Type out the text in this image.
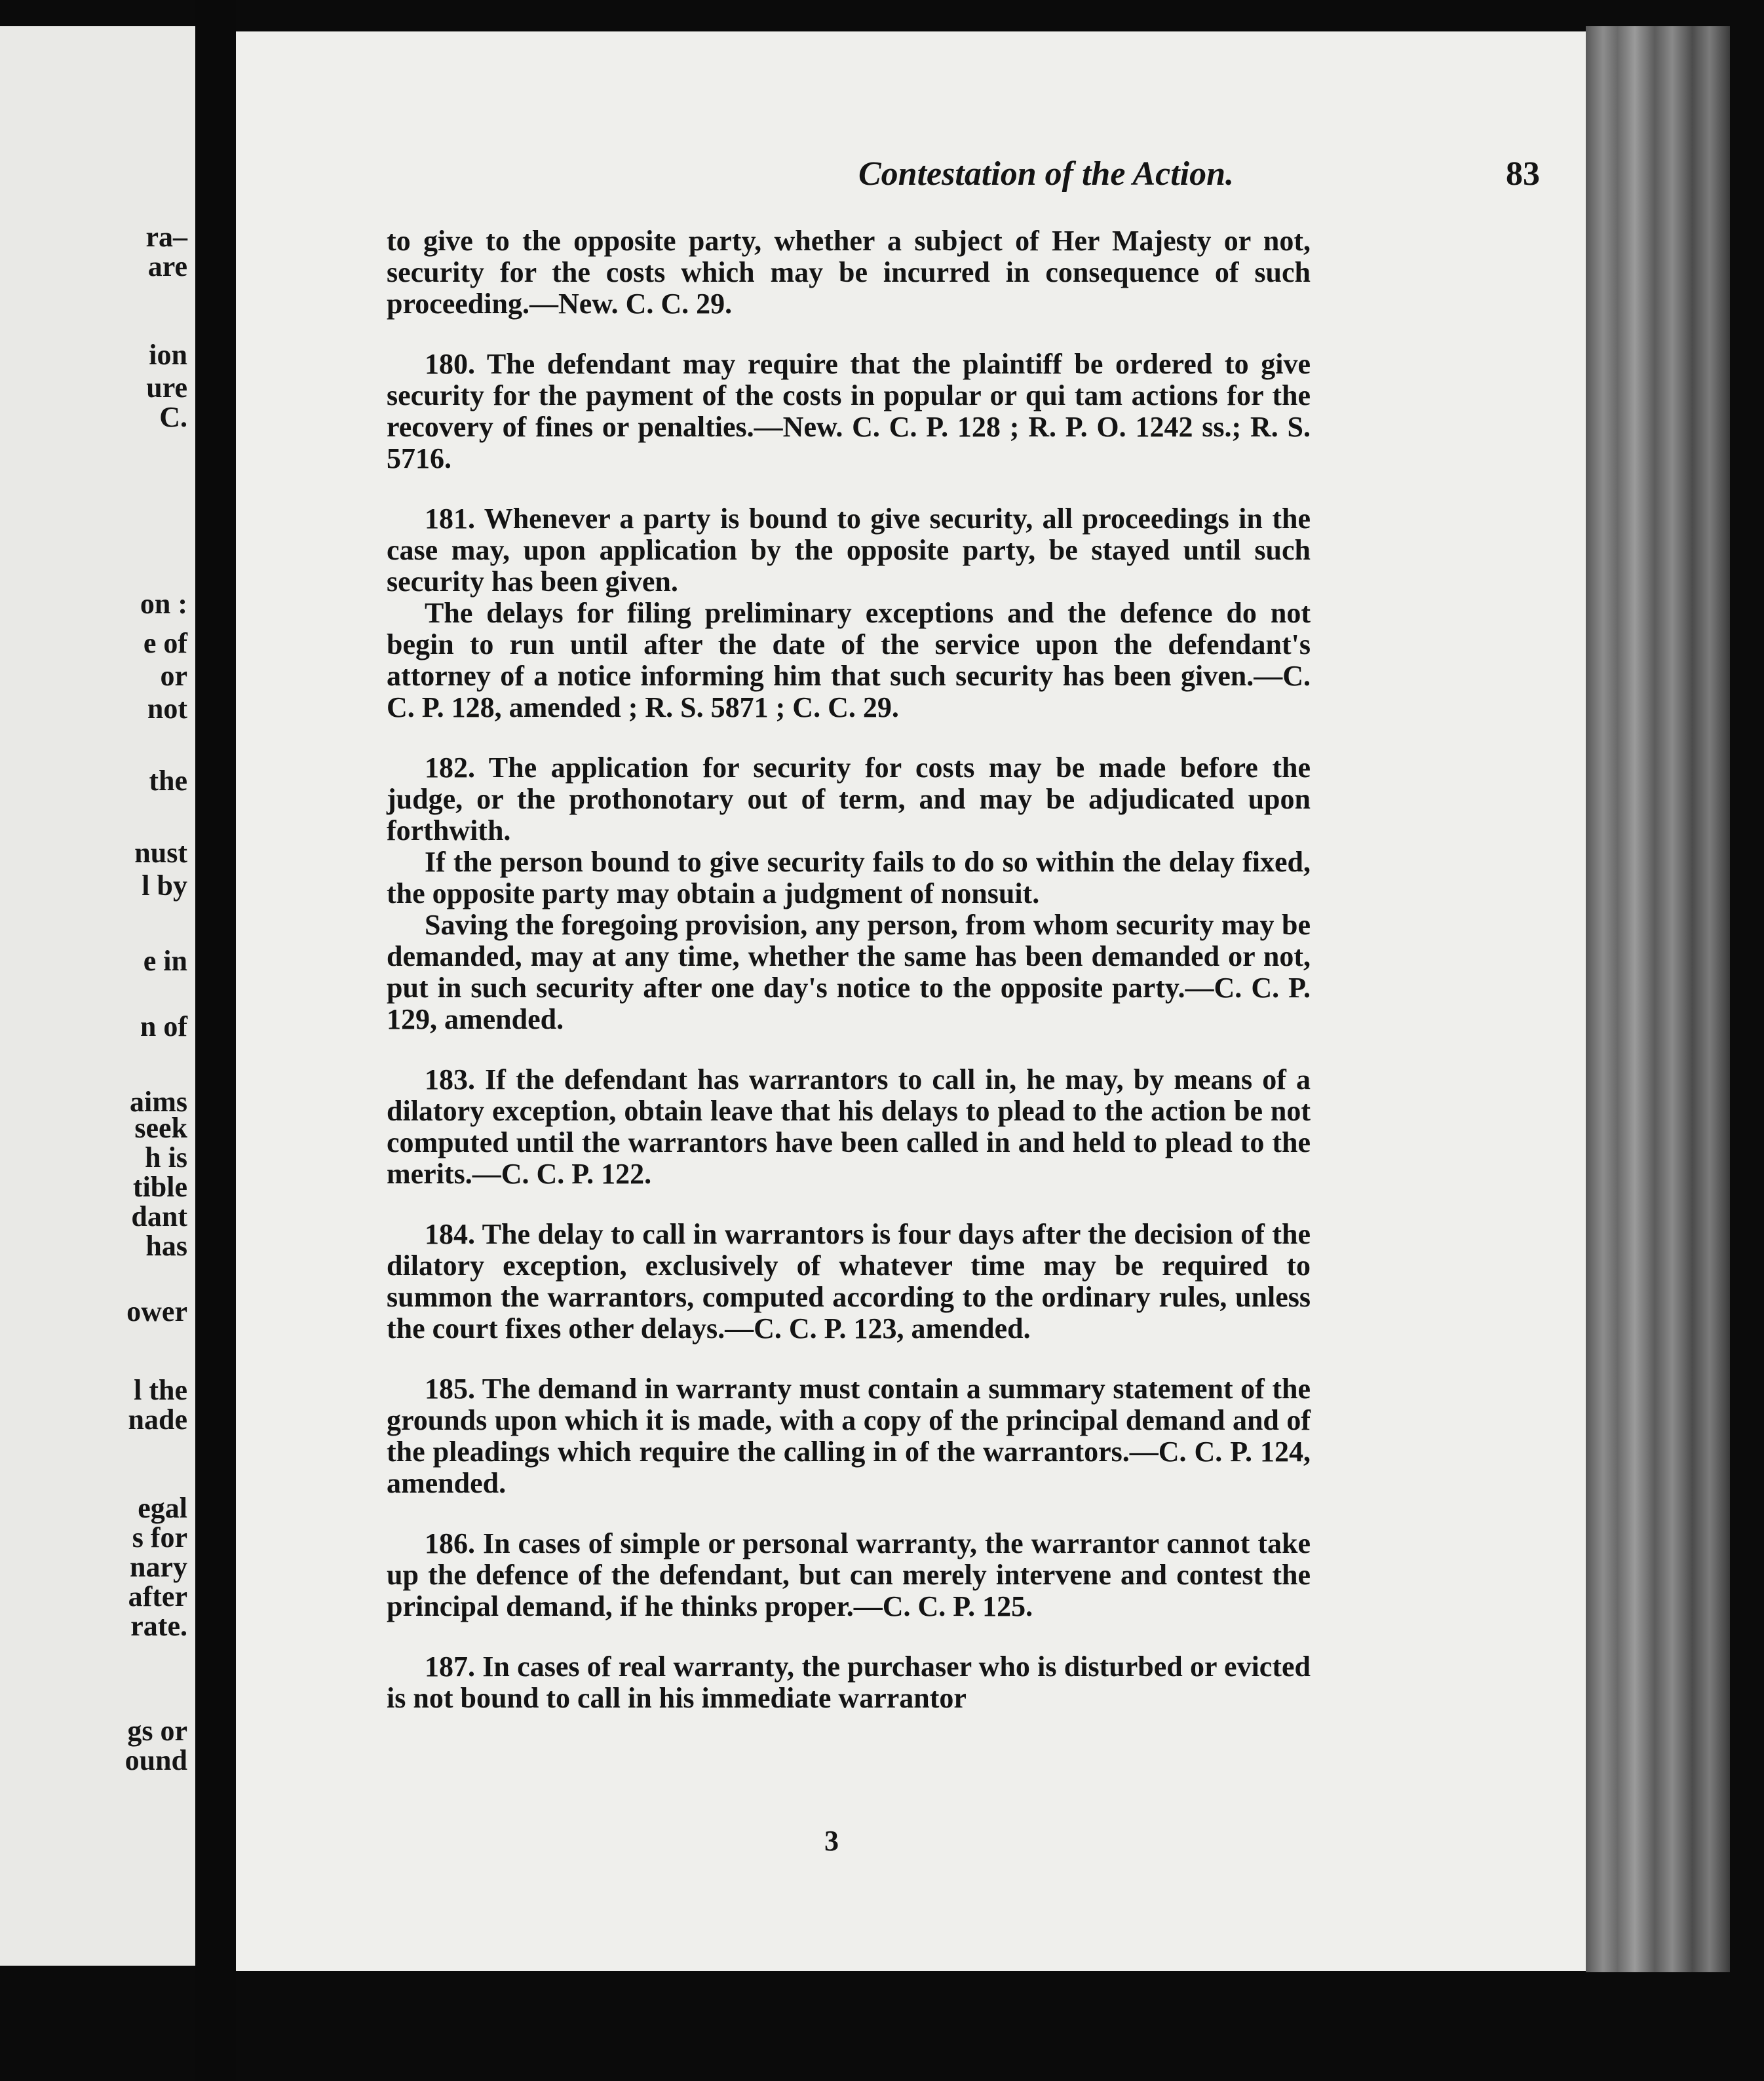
ra–
are
ion
ure
C.
on :
e of
or
not
the
nust
l by
e in
n of
aims
seek
h is
tible
dant
has
ower
l the
nade
egal
s for
nary
after
rate.
gs or
ound
Contestation of the Action.	83

to give to the opposite party, whether a subject of Her Majesty or not, security for the costs which may be incurred in consequence of such proceeding.—New. C. C. 29.

180. The defendant may require that the plaintiff be ordered to give security for the payment of the costs in popular or qui tam actions for the recovery of fines or penalties.—New. C. C. P. 128 ; R. P. O. 1242 ss.; R. S. 5716.

181. Whenever a party is bound to give security, all proceedings in the case may, upon application by the opposite party, be stayed until such security has been given.

The delays for filing preliminary exceptions and the defence do not begin to run until after the date of the service upon the defendant's attorney of a notice informing him that such security has been given.—C. C. P. 128, amended ; R. S. 5871 ; C. C. 29.

182. The application for security for costs may be made before the judge, or the prothonotary out of term, and may be adjudicated upon forthwith.

If the person bound to give security fails to do so within the delay fixed, the opposite party may obtain a judgment of nonsuit.

Saving the foregoing provision, any person, from whom security may be demanded, may at any time, whether the same has been demanded or not, put in such security after one day's notice to the opposite party.—C. C. P. 129, amended.

183. If the defendant has warrantors to call in, he may, by means of a dilatory exception, obtain leave that his delays to plead to the action be not computed until the warrantors have been called in and held to plead to the merits.—C. C. P. 122.

184. The delay to call in warrantors is four days after the decision of the dilatory exception, exclusively of whatever time may be required to summon the warrantors, computed according to the ordinary rules, unless the court fixes other delays.—C. C. P. 123, amended.

185. The demand in warranty must contain a summary statement of the grounds upon which it is made, with a copy of the principal demand and of the pleadings which require the calling in of the warrantors.—C. C. P. 124, amended.

186. In cases of simple or personal warranty, the warrantor cannot take up the defence of the defendant, but can merely intervene and contest the principal demand, if he thinks proper.—C. C. P. 125.

187. In cases of real warranty, the purchaser who is disturbed or evicted is not bound to call in his immediate warrantor

3
